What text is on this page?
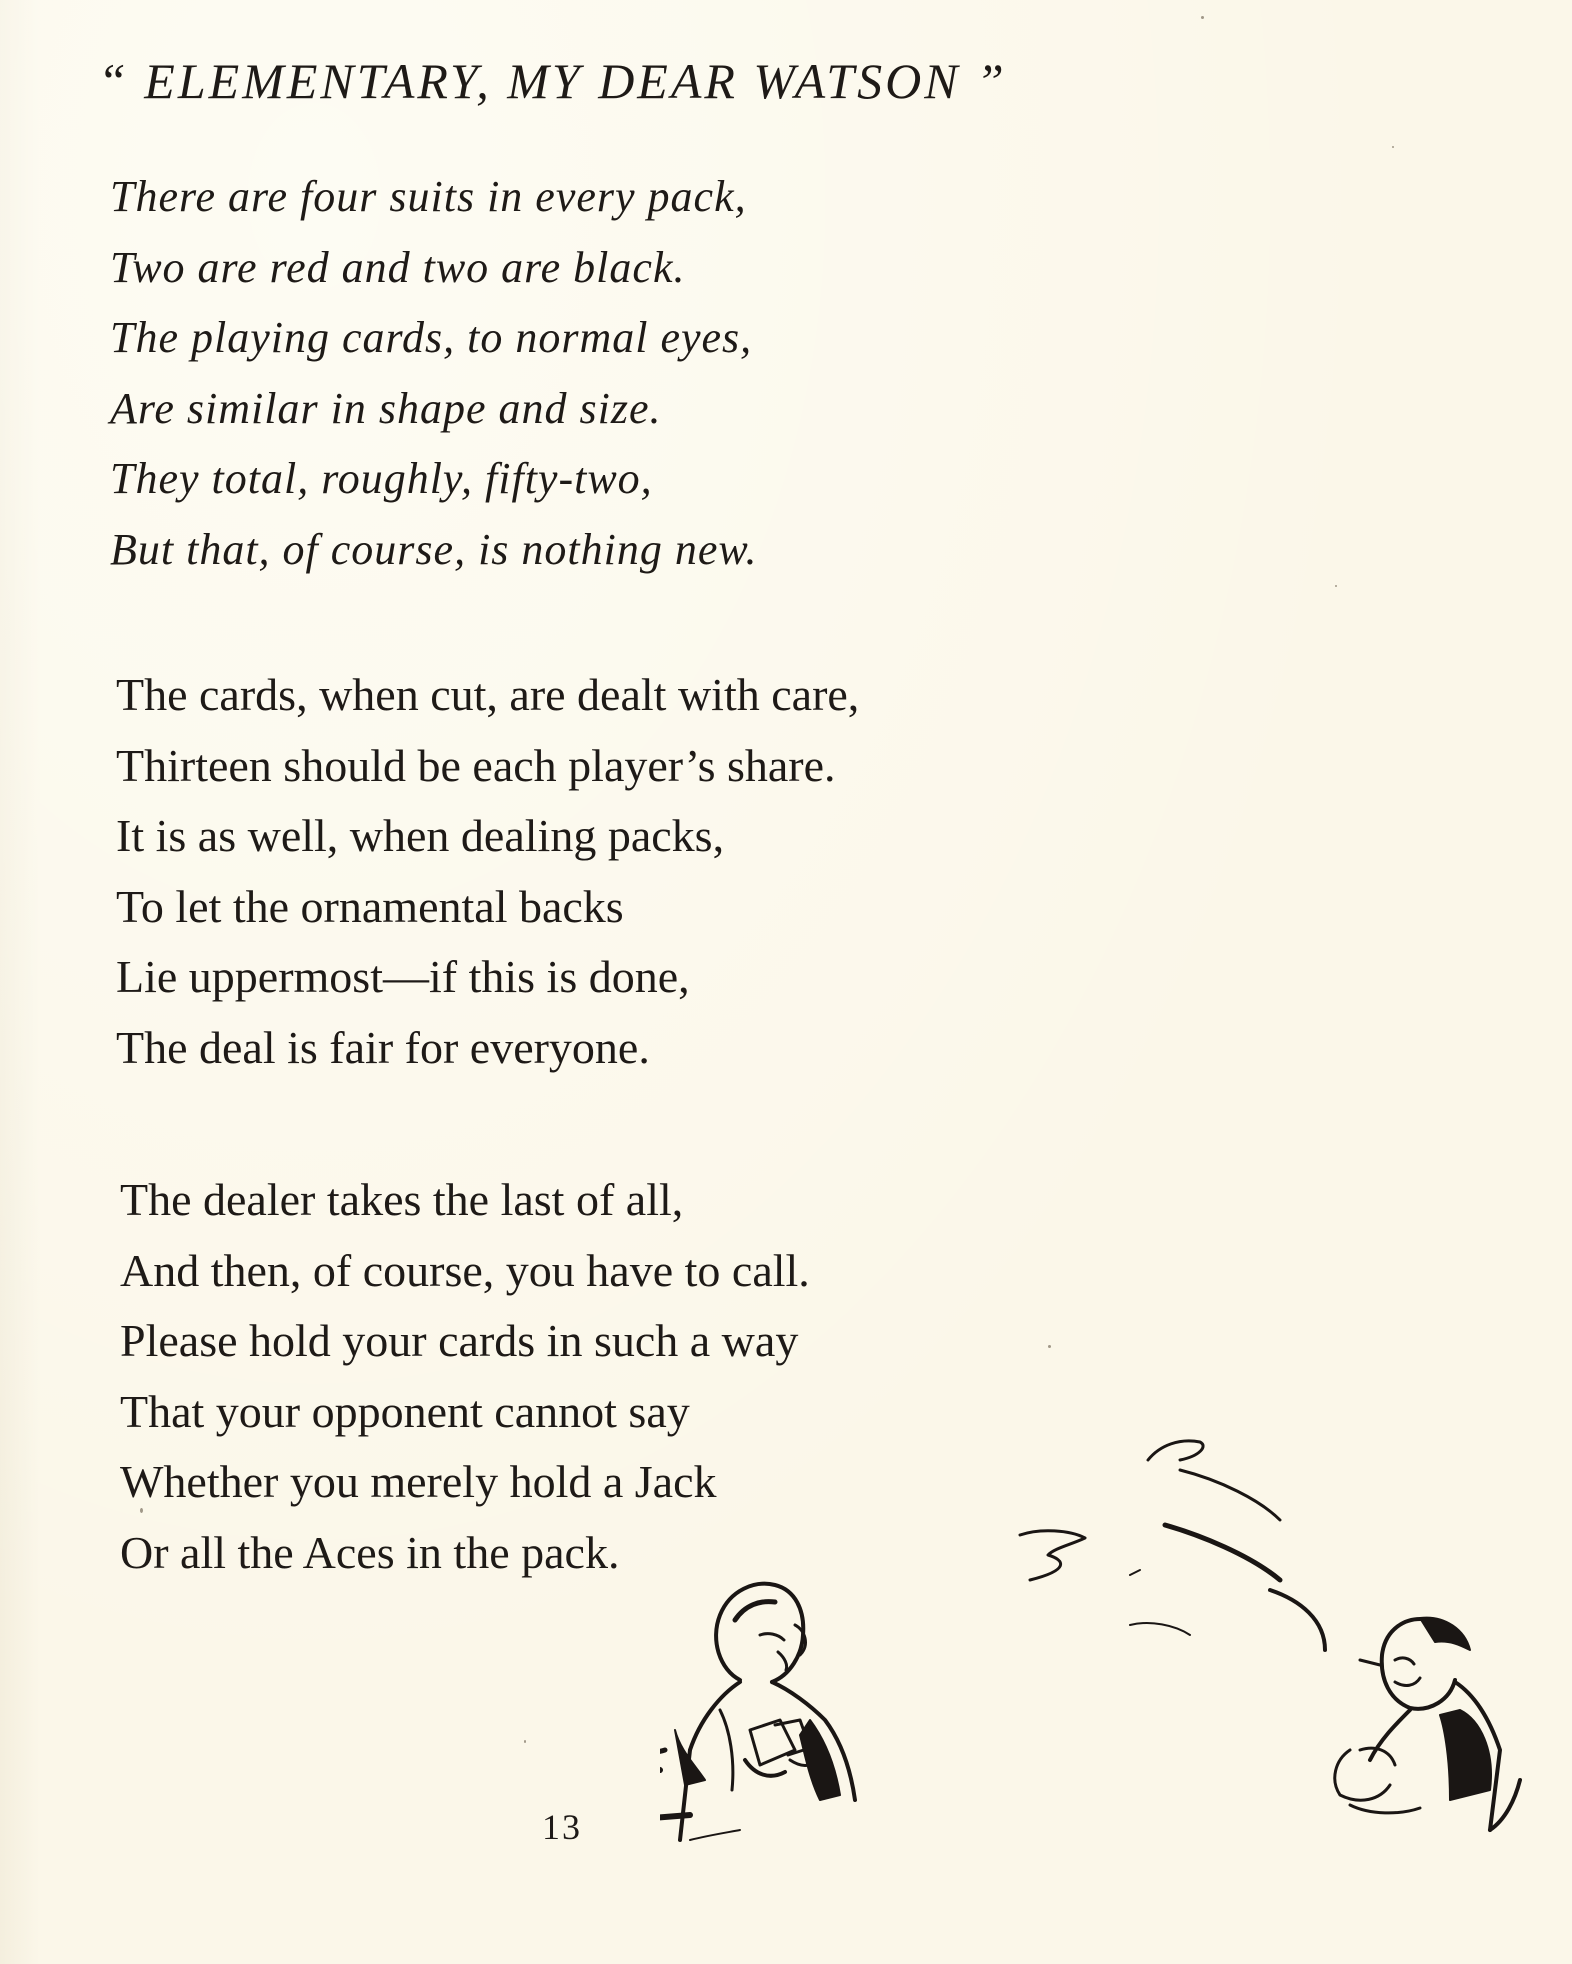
“ ELEMENTARY, MY DEAR WATSON ”
There are four suits in every pack,
Two are red and two are black.
The playing cards, to normal eyes,
Are similar in shape and size.
They total, roughly, fifty-two,
But that, of course, is nothing new.
The cards, when cut, are dealt with care,
Thirteen should be each player’s share.
It is as well, when dealing packs,
To let the ornamental backs
Lie uppermost—if this is done,
The deal is fair for everyone.
The dealer takes the last of all,
And then, of course, you have to call.
Please hold your cards in such a way
That your opponent cannot say
Whether you merely hold a Jack
Or all the Aces in the pack.
13
